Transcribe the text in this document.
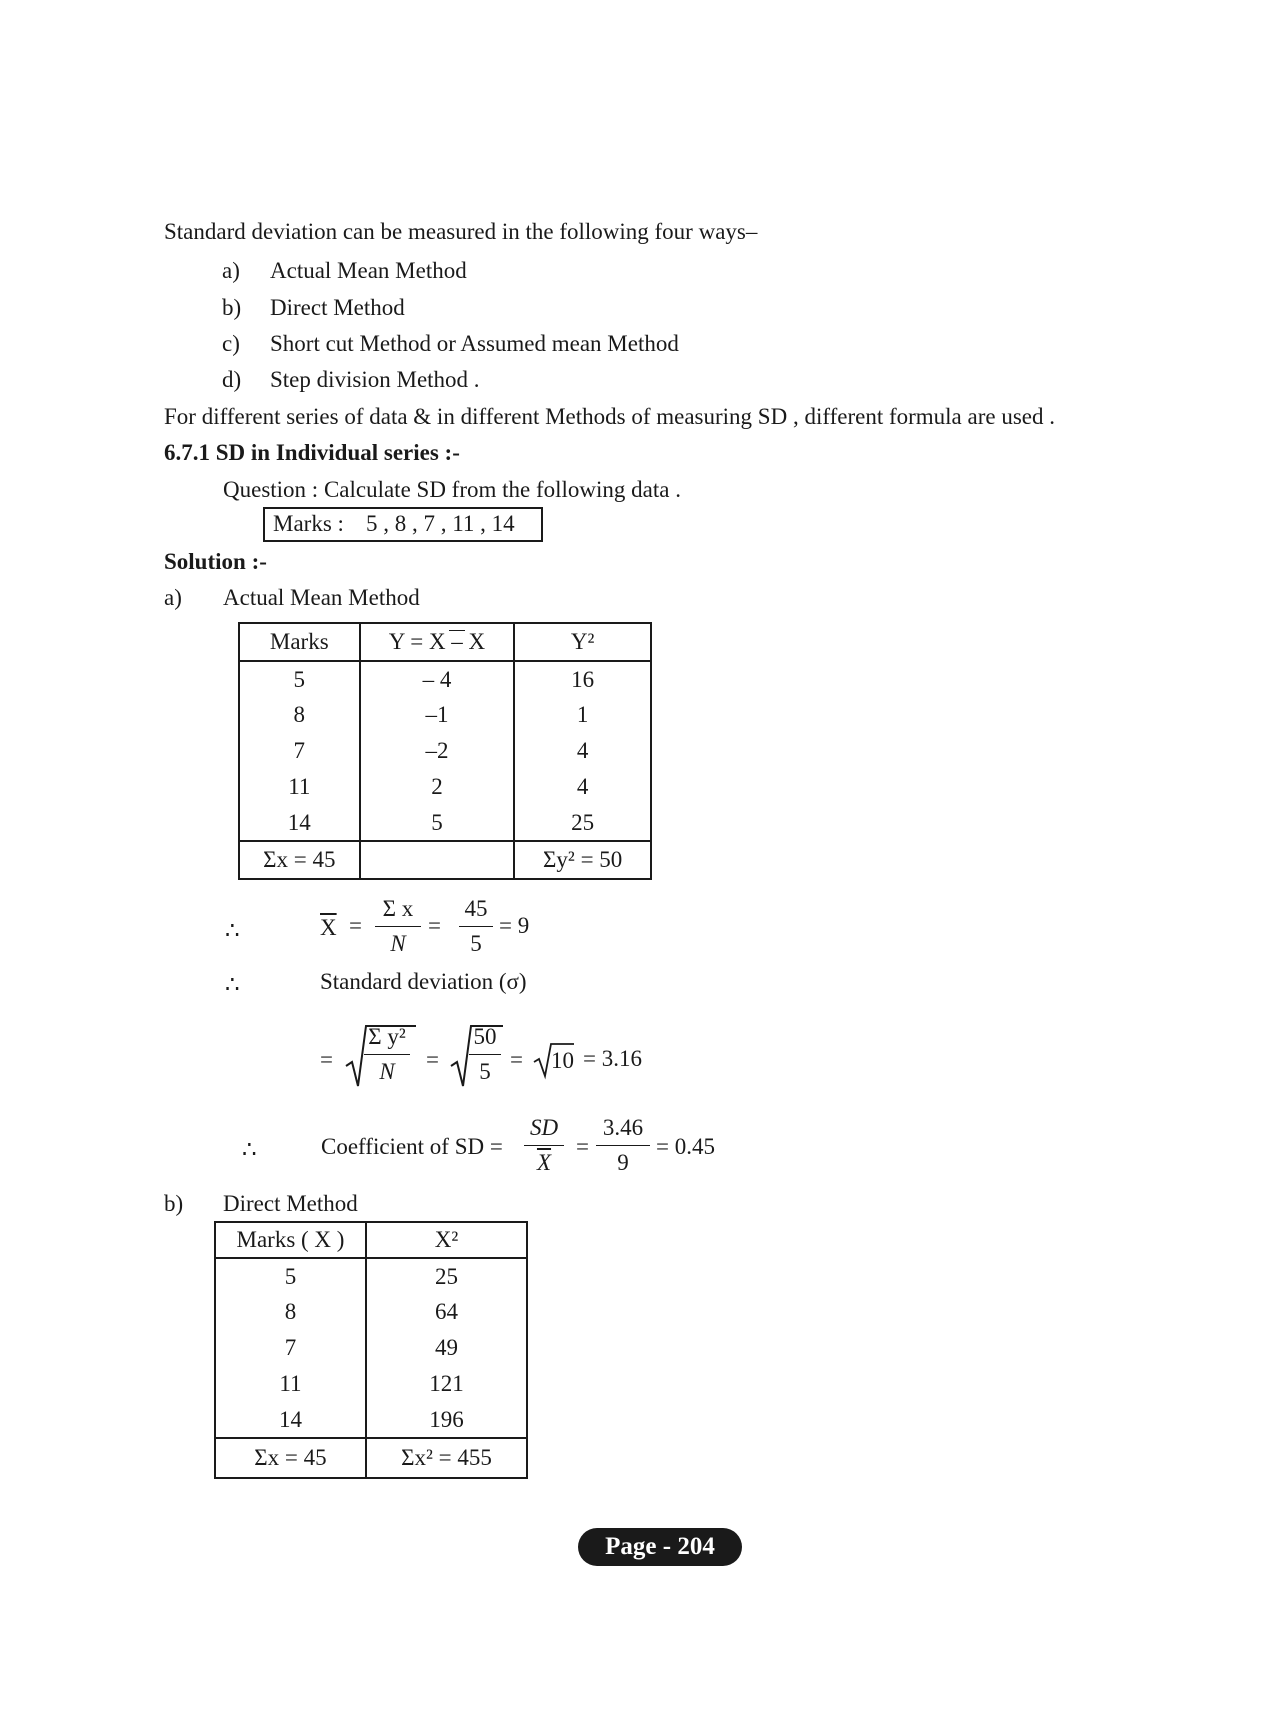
Standard deviation can be measured in the following four ways–
a) Actual Mean Method
b) Direct Method
c) Short cut Method or Assumed mean Method
d) Step division Method .
For different series of data & in different Methods of measuring SD , different formula are used .
6.7.1 SD in Individual series :-
Question : Calculate SD from the following data .
Marks : 5 , 8 , 7 , 11 , 14
Solution :-
a) Actual Mean Method
Marks	Y = X – X	Y²
5	– 4	16
8	–1	1
7	–2	4
11	2	4
14	5	25
Σx = 45		Σy² = 50
∴	$\overline{X}$ =
Σ x
N
=
45
5
= 9
∴	Standard deviation (σ)
=
Σ y²
N	=
50
5 = 10 = 3.16
∴	Coefficient of SD =
SD
$\overline{X}$
=
3.46
9
= 0.45
b) Direct Method
Marks ( X )	X²
5	25
8	64
7	49
11	121
14	196
Σx = 45	Σx² = 455
Page - 204
